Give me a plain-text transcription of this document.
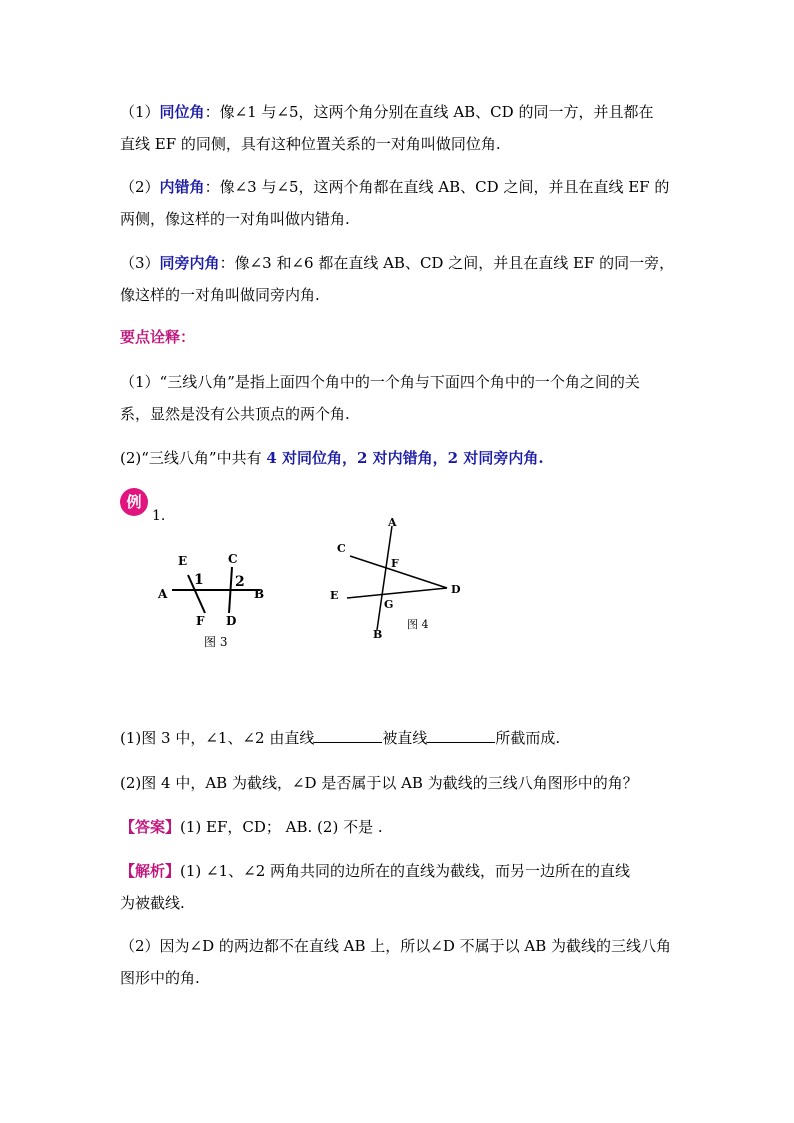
（1）同位角：像∠1 与∠5，这两个角分别在直线 AB、CD 的同一方，并且都在
直线 EF 的同侧，具有这种位置关系的一对角叫做同位角.

（2）内错角：像∠3 与∠5，这两个角都在直线 AB、CD 之间，并且在直线 EF 的
两侧，像这样的一对角叫做内错角.

（3）同旁内角：像∠3 和∠6 都在直线 AB、CD 之间，并且在直线 EF 的同一旁，
像这样的一对角叫做同旁内角.

要点诠释：

（1）“三线八角”是指上面四个角中的一个角与下面四个角中的一个角之间的关
系，显然是没有公共顶点的两个角.

(2)“三线八角”中共有 4 对同位角，2 对内错角，2 对同旁内角.

例

1.

E	C
1 2
A	B
F D
图 3
A
C
F
D
E
G
B
图 4

(1)图 3 中，∠1、∠2 由直线	被直线	所截而成.

(2)图 4 中，AB 为截线，∠D 是否属于以 AB 为截线的三线八角图形中的角？

【答案】(1) EF，CD； AB. (2) 不是 .

【解析】(1) ∠1、∠2 两角共同的边所在的直线为截线，而另一边所在的直线
为被截线.

（2）因为∠D 的两边都不在直线 AB 上，所以∠D 不属于以 AB 为截线的三线八角
图形中的角.
